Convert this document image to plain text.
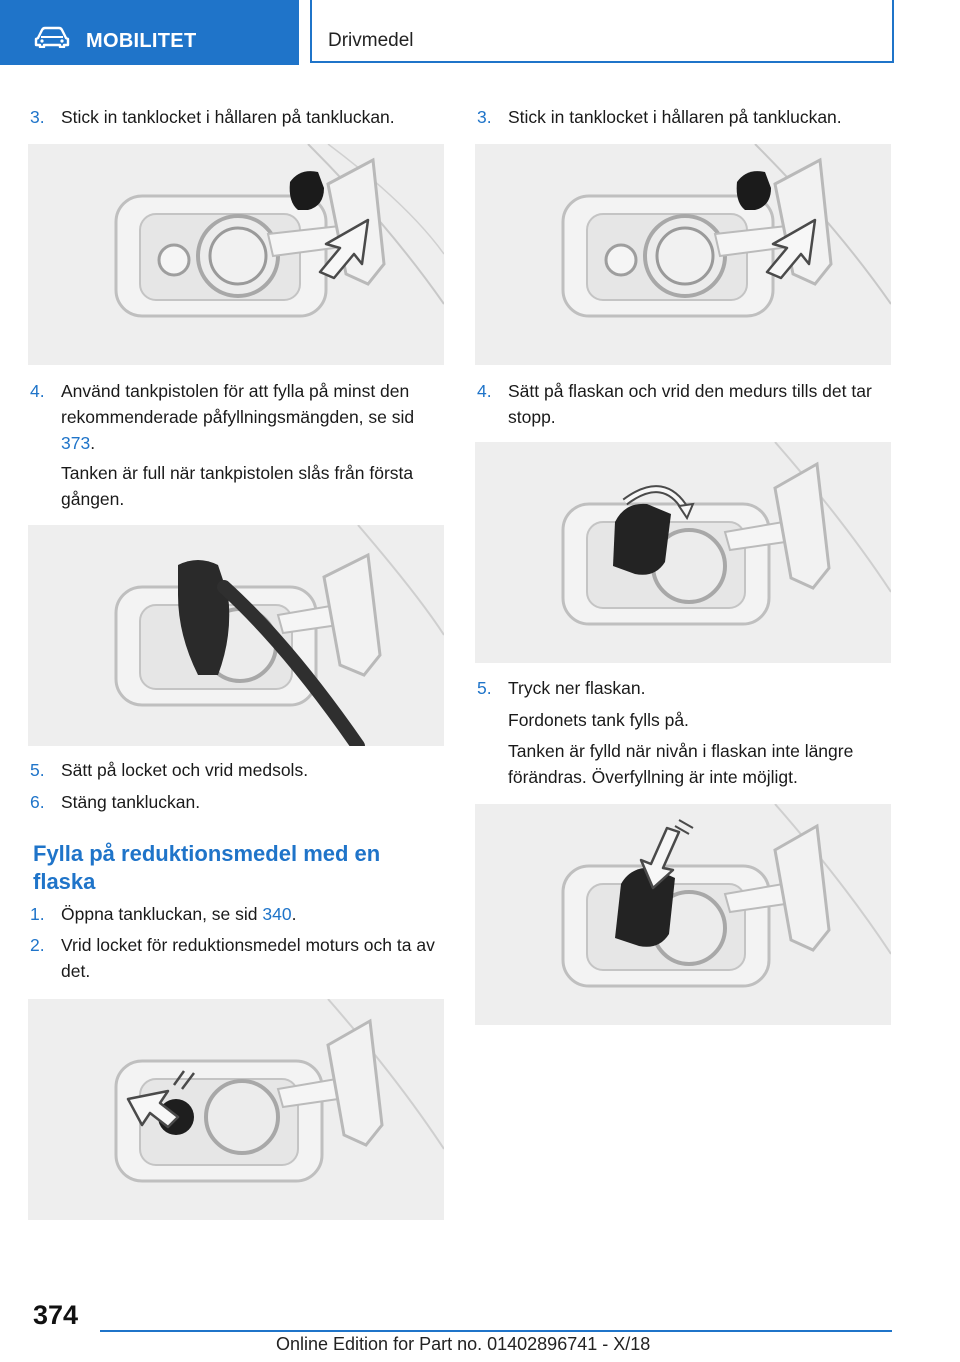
MOBILITET	Drivmedel
3. Stick in tanklocket i hållaren på tankluckan.
4. Använd tankpistolen för att fylla på minst den rekommenderade påfyllningsmängden, se sid 373.
Tanken är full när tankpistolen slås från första gången.
5. Sätt på locket och vrid medsols.
6. Stäng tankluckan.
Fylla på reduktionsmedel med en flaska
1. Öppna tankluckan, se sid 340.
2. Vrid locket för reduktionsmedel moturs och ta av det.
3. Stick in tanklocket i hållaren på tankluckan.
4. Sätt på flaskan och vrid den medurs tills det tar stopp.
5. Tryck ner flaskan.
Fordonets tank fylls på.
Tanken är fylld när nivån i flaskan inte längre förändras. Överfyllning är inte möjligt.
374
Online Edition for Part no. 01402896741 - X/18
